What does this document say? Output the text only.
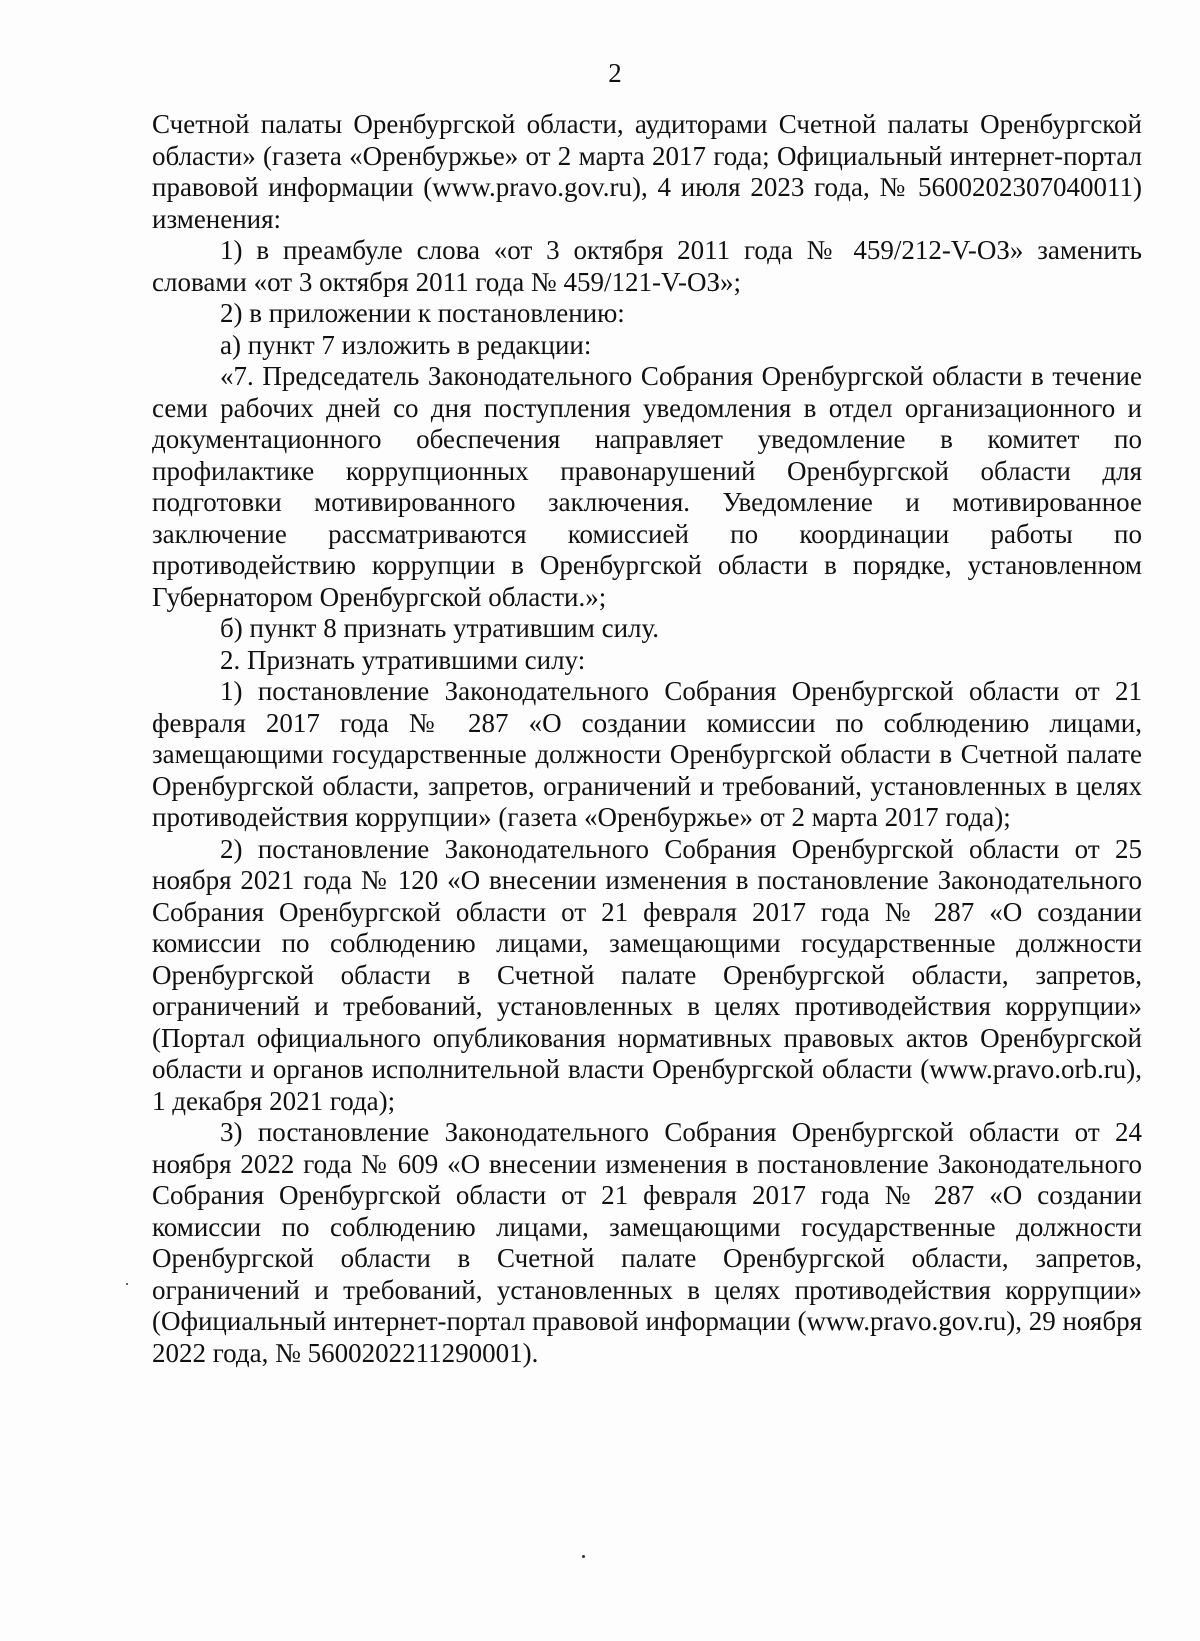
2

Счетной палаты Оренбургской области, аудиторами Счетной палаты Оренбургской области» (газета «Оренбуржье» от 2 марта 2017 года; Официальный интернет-портал правовой информации (www.pravo.gov.ru), 4 июля 2023 года, № 5600202307040011) изменения:

1) в преамбуле слова «от 3 октября 2011 года № 459/212-V-ОЗ» заменить словами «от 3 октября 2011 года № 459/121-V-ОЗ»;

2) в приложении к постановлению:

а) пункт 7 изложить в редакции:

«7. Председатель Законодательного Собрания Оренбургской области в течение семи рабочих дней со дня поступления уведомления в отдел организационного и документационного обеспечения направляет уведомление в комитет по профилактике коррупционных правонарушений Оренбургской области для подготовки мотивированного заключения. Уведомление и мотивированное заключение рассматриваются комиссией по координации работы по противодействию коррупции в Оренбургской области в порядке, установленном Губернатором Оренбургской области.»;

б) пункт 8 признать утратившим силу.

2. Признать утратившими силу:

1) постановление Законодательного Собрания Оренбургской области от 21 февраля 2017 года № 287 «О создании комиссии по соблюдению лицами, замещающими государственные должности Оренбургской области в Счетной палате Оренбургской области, запретов, ограничений и требований, установленных в целях противодействия коррупции» (газета «Оренбуржье» от 2 марта 2017 года);

2) постановление Законодательного Собрания Оренбургской области от 25 ноября 2021 года № 120 «О внесении изменения в постановление Законодательного Собрания Оренбургской области от 21 февраля 2017 года № 287 «О создании комиссии по соблюдению лицами, замещающими государственные должности Оренбургской области в Счетной палате Оренбургской области, запретов, ограничений и требований, установленных в целях противодействия коррупции» (Портал официального опубликования нормативных правовых актов Оренбургской области и органов исполнительной власти Оренбургской области (www.pravo.orb.ru), 1 декабря 2021 года);

3) постановление Законодательного Собрания Оренбургской области от 24 ноября 2022 года № 609 «О внесении изменения в постановление Законодательного Собрания Оренбургской области от 21 февраля 2017 года № 287 «О создании комиссии по соблюдению лицами, замещающими государственные должности Оренбургской области в Счетной палате Оренбургской области, запретов, ограничений и требований, установленных в целях противодействия коррупции» (Официальный интернет-портал правовой информации (www.pravo.gov.ru), 29 ноября 2022 года, № 5600202211290001).
